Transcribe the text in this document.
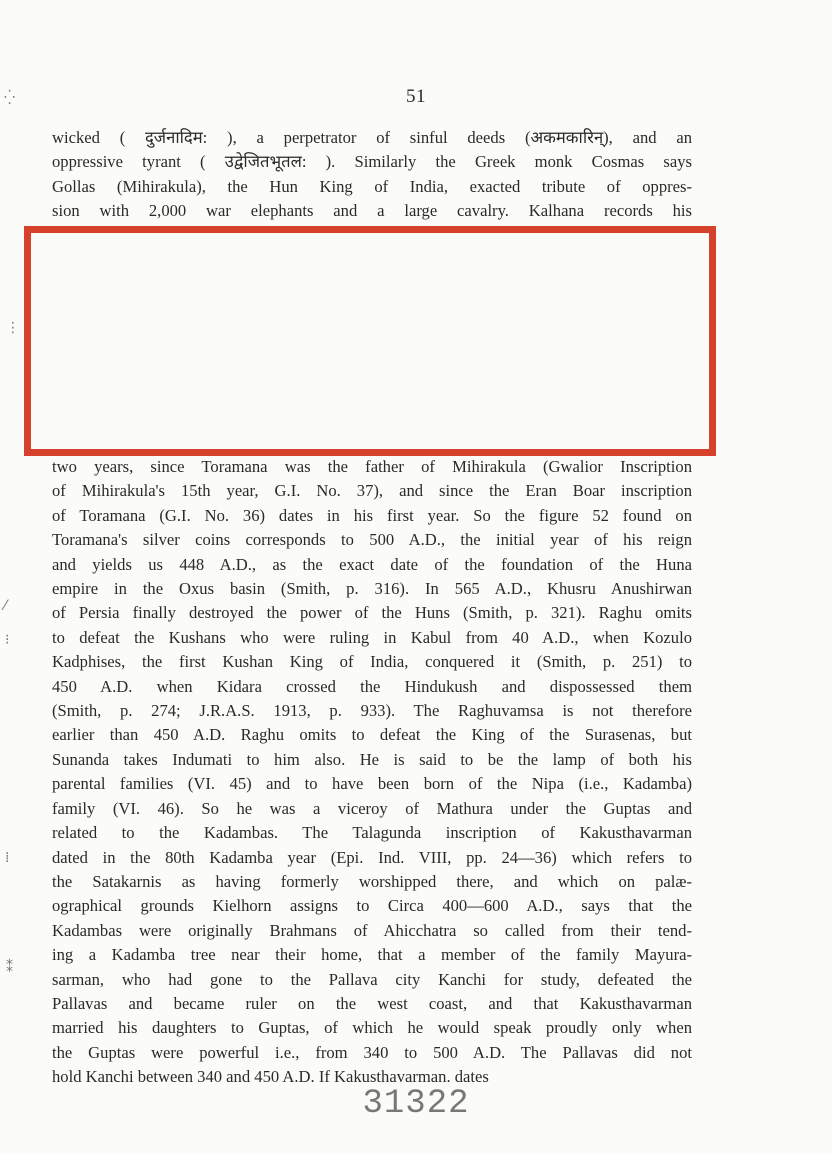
51
wicked ( दुर्जनादिम: ), a perpetrator of sinful deeds (अकमकारिन्), and an
oppressive tyrant ( उद्वेजितभूतल: ). Similarly the Greek monk Cosmas says
Gollas (Mihirakula), the Hun King of India, exacted tribute of oppres-
sion with 2,000 war elephants and a large cavalry. Kalhana records his
two years, since Toramana was the father of Mihirakula (Gwalior Inscription
of Mihirakula's 15th year, G.I. No. 37), and since the Eran Boar inscription
of Toramana (G.I. No. 36) dates in his first year. So the figure 52 found on
Toramana's silver coins corresponds to 500 A.D., the initial year of his reign
and yields us 448 A.D., as the exact date of the foundation of the Huna
empire in the Oxus basin (Smith, p. 316). In 565 A.D., Khusru Anushirwan
of Persia finally destroyed the power of the Huns (Smith, p. 321). Raghu omits
to defeat the Kushans who were ruling in Kabul from 40 A.D., when Kozulo
Kadphises, the first Kushan King of India, conquered it (Smith, p. 251) to
450 A.D. when Kidara crossed the Hindukush and dispossessed them
(Smith, p. 274; J.R.A.S. 1913, p. 933). The Raghuvamsa is not therefore
earlier than 450 A.D. Raghu omits to defeat the King of the Surasenas, but
Sunanda takes Indumati to him also. He is said to be the lamp of both his
parental families (VI. 45) and to have been born of the Nipa (i.e., Kadamba)
family (VI. 46). So he was a viceroy of Mathura under the Guptas and
related to the Kadambas. The Talagunda inscription of Kakusthavarman
dated in the 80th Kadamba year (Epi. Ind. VIII, pp. 24—36) which refers to
the Satakarnis as having formerly worshipped there, and which on palæ-
ographical grounds Kielhorn assigns to Circa 400—600 A.D., says that the
Kadambas were originally Brahmans of Ahicchatra so called from their tend-
ing a Kadamba tree near their home, that a member of the family Mayura-
sarman, who had gone to the Pallava city Kanchi for study, defeated the
Pallavas and became ruler on the west coast, and that Kakusthavarman
married his daughters to Guptas, of which he would speak proudly only when
the Guptas were powerful i.e., from 340 to 500 A.D. The Pallavas did not
hold Kanchi between 340 and 450 A.D. If Kakusthavarman. dates
31322
⁛
⋮
⁄
⁝
⁞
⁑
